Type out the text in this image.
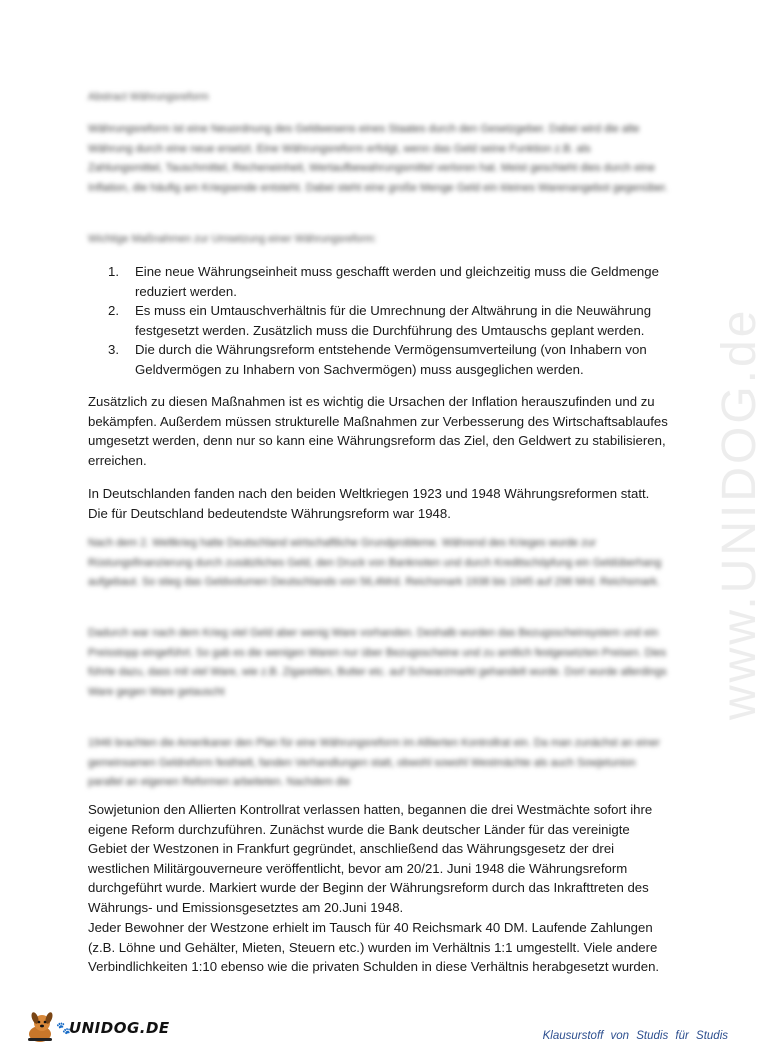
www.UNIDOG.de

Abstract Währungsreform

Währungsreform ist eine Neuordnung des Geldwesens eines Staates durch den Gesetzgeber. Dabei wird die alte Währung durch eine neue ersetzt. Eine Währungsreform erfolgt, wenn das Geld seine Funktion z.B. als Zahlungsmittel, Tauschmittel, Recheneinheit, Wertaufbewahrungsmittel verloren hat. Meist geschieht dies durch eine Inflation, die häufig am Kriegsende entsteht. Dabei steht eine große Menge Geld ein kleines Warenangebot gegenüber.

Wichtige Maßnahmen zur Umsetzung einer Währungsreform:

1. Eine neue Währungseinheit muss geschafft werden und gleichzeitig muss die Geldmenge reduziert werden.
2. Es muss ein Umtauschverhältnis für die Umrechnung der Altwährung in die Neuwährung festgesetzt werden. Zusätzlich muss die Durchführung des Umtauschs geplant werden.
3. Die durch die Währungsreform entstehende Vermögensumverteilung (von Inhabern von Geldvermögen zu Inhabern von Sachvermögen) muss ausgeglichen werden.

Zusätzlich zu diesen Maßnahmen ist es wichtig die Ursachen der Inflation herauszufinden und zu bekämpfen. Außerdem müssen strukturelle Maßnahmen zur Verbesserung des Wirtschaftsablaufes umgesetzt werden, denn nur so kann eine Währungsreform das Ziel, den Geldwert zu stabilisieren, erreichen.

In Deutschlanden fanden nach den beiden Weltkriegen 1923 und 1948 Währungsreformen statt. Die für Deutschland bedeutendste Währungsreform war 1948.

Nach dem 2. Weltkrieg hatte Deutschland wirtschaftliche Grundprobleme. Während des Krieges wurde zur Rüstungsfinanzierung durch zusätzliches Geld, den Druck von Banknoten und durch Kreditschöpfung ein Geldüberhang aufgebaut. So stieg das Geldvolumen Deutschlands von 56,4Mrd. Reichsmark 1938 bis 1945 auf 298 Mrd. Reichsmark.

Dadurch war nach dem Krieg viel Geld aber wenig Ware vorhanden. Deshalb wurden das Bezugsscheinsystem und ein Preisstopp eingeführt. So gab es die wenigen Waren nur über Bezugsscheine und zu amtlich festgesetzten Preisen. Dies führte dazu, dass mit viel Ware, wie z.B. Zigaretten, Butter etc. auf Schwarzmarkt gehandelt wurde. Dort wurde allerdings Ware gegen Ware getauscht

1946 brachten die Amerikaner den Plan für eine Währungsreform im Alliierten Kontrollrat ein. Da man zunächst an einer gemeinsamen Geldreform festhielt, fanden Verhandlungen statt, obwohl sowohl Westmächte als auch Sowjetunion parallel an eigenen Reformen arbeiteten. Nachdem die

Sowjetunion den Allierten Kontrollrat verlassen hatten, begannen die drei Westmächte sofort ihre eigene Reform durchzuführen. Zunächst wurde die Bank deutscher Länder für das vereinigte Gebiet der Westzonen in Frankfurt gegründet, anschließend das Währungsgesetz der drei westlichen Militärgouverneure veröffentlicht, bevor am 20/21. Juni 1948 die Währungsreform durchgeführt wurde. Markiert wurde der Beginn der Währungsreform durch das Inkrafttreten des Währungs- und Emissionsgesetztes am 20.Juni 1948.

Jeder Bewohner der Westzone erhielt im Tausch für 40 Reichsmark 40 DM. Laufende Zahlungen (z.B. Löhne und Gehälter, Mieten, Steuern etc.) wurden im Verhältnis 1:1 umgestellt. Viele andere Verbindlichkeiten 1:10 ebenso wie die privaten Schulden in diese Verhältnis herabgesetzt wurden.

🐾
UNIDOG.DE	Klausurstoff von Studis für Studis
